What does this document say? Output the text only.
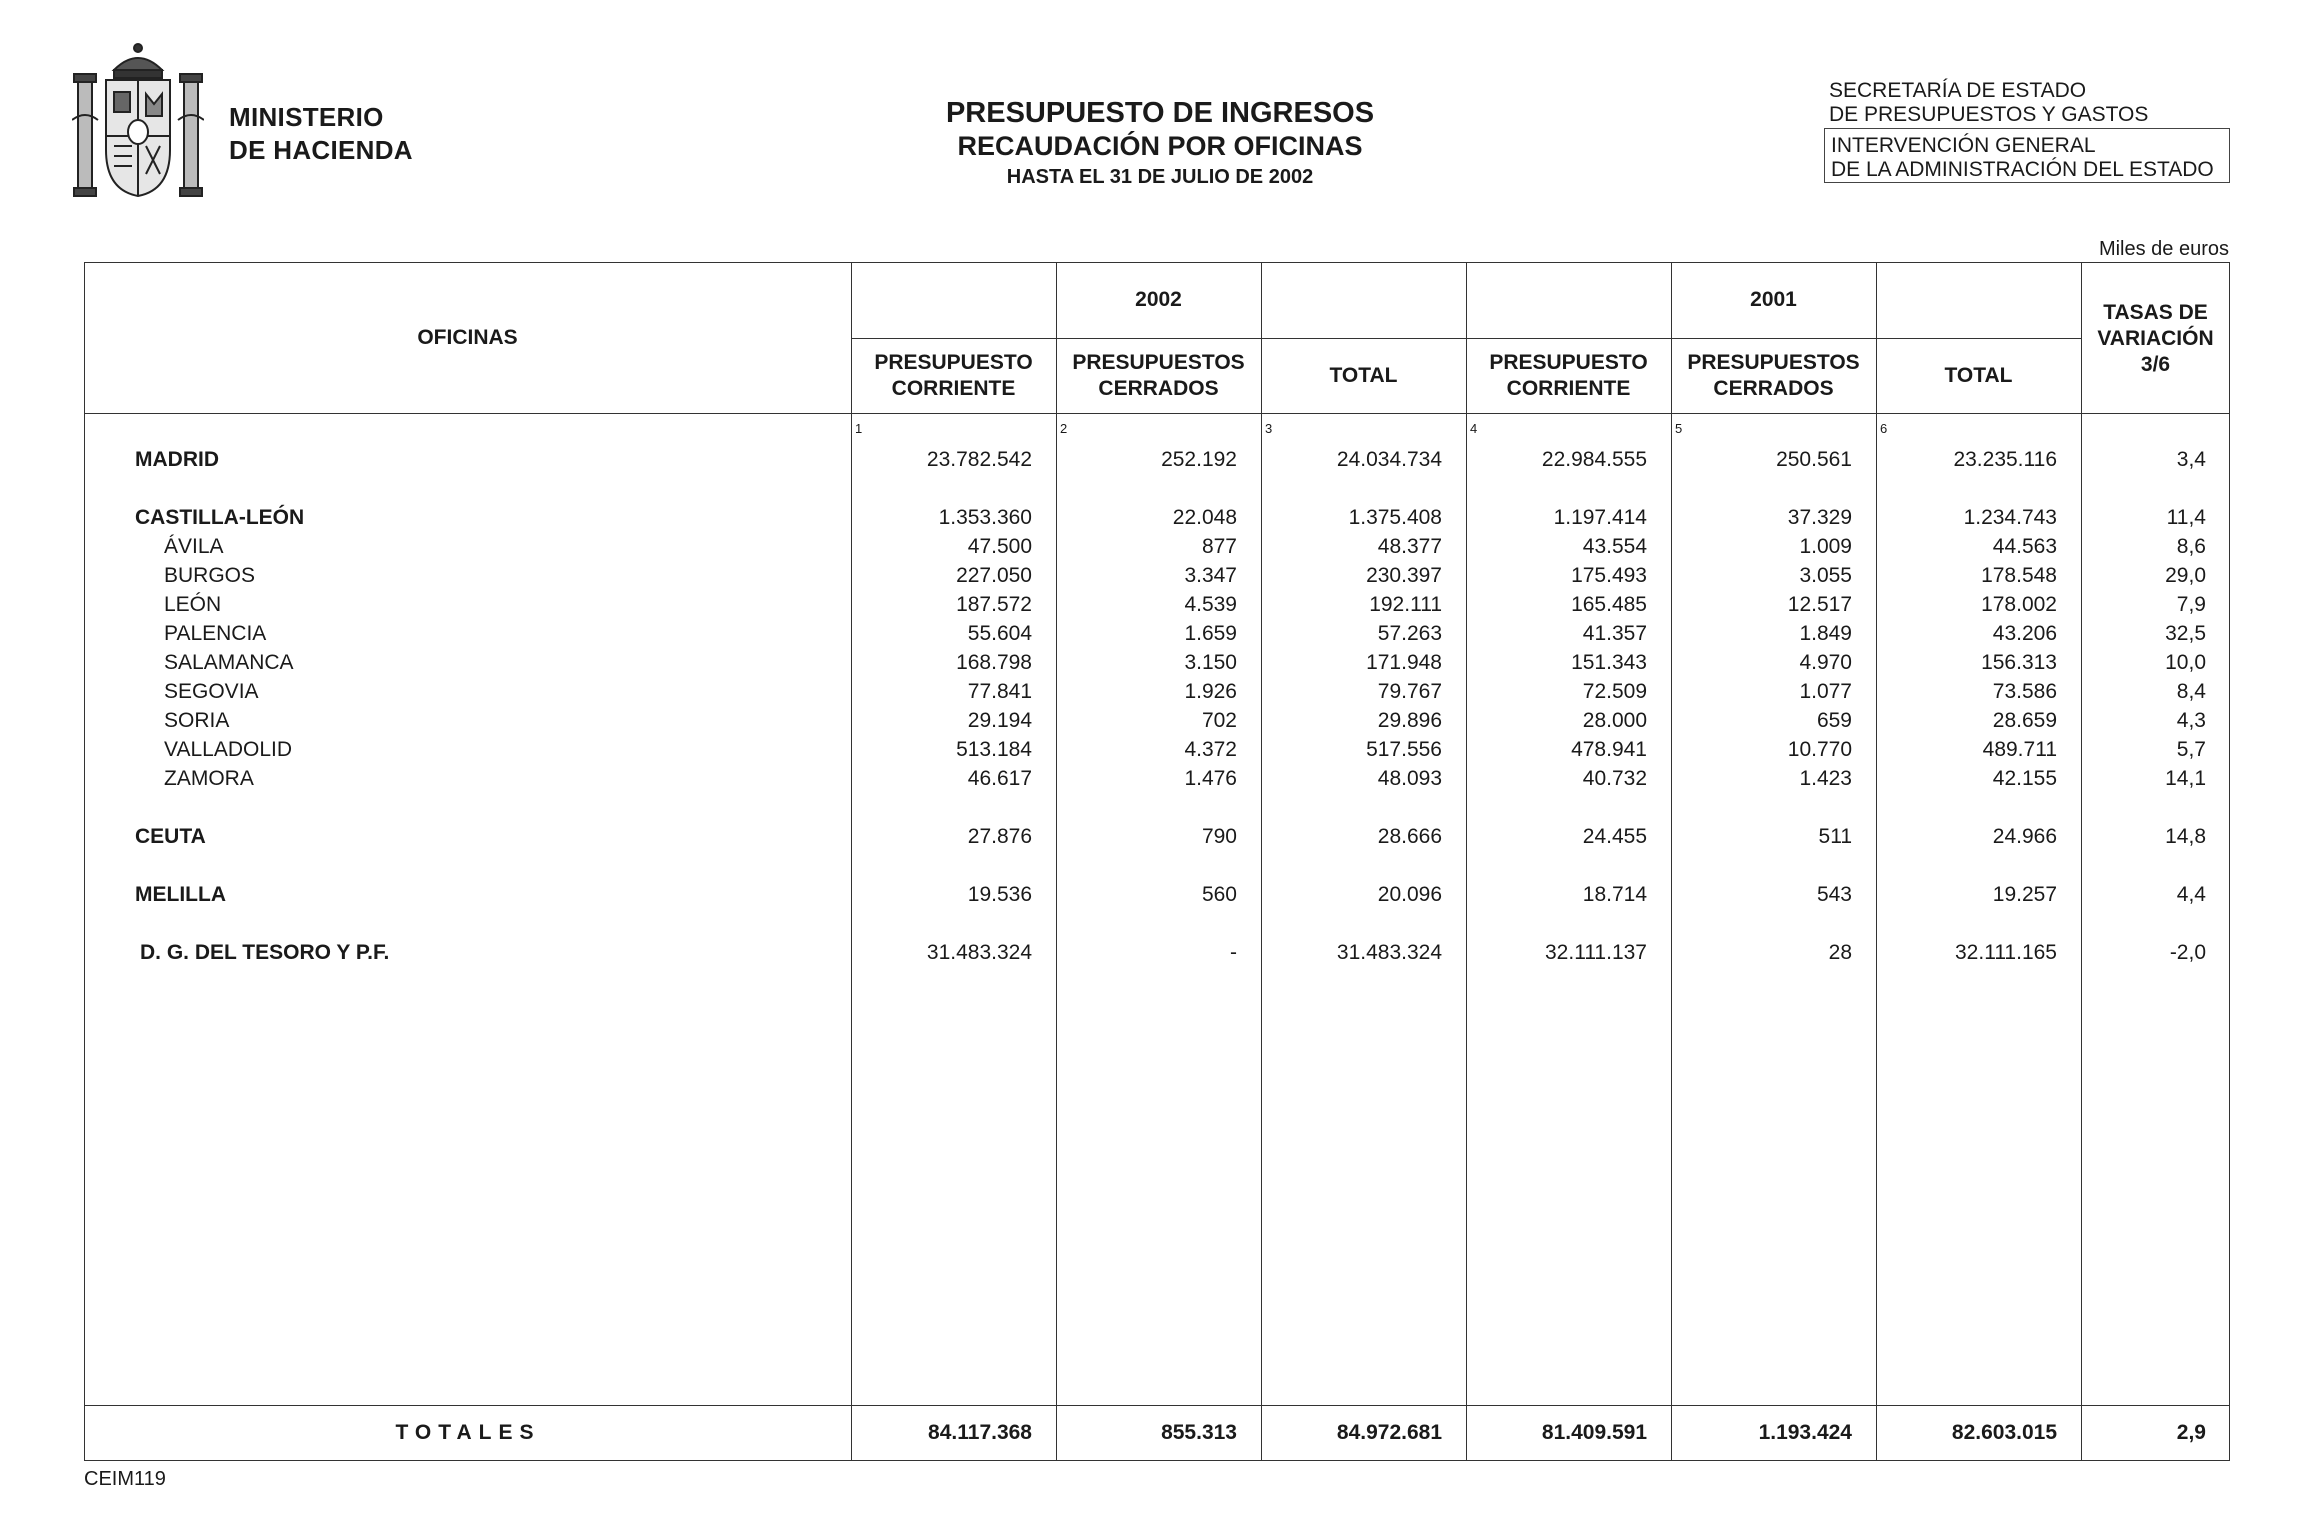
MINISTERIO
DE HACIENDA
PRESUPUESTO DE INGRESOS
RECAUDACIÓN POR OFICINAS
HASTA EL 31 DE JULIO DE 2002
SECRETARÍA DE ESTADO
DE PRESUPUESTOS Y GASTOS
INTERVENCIÓN GENERAL
DE LA ADMINISTRACIÓN DEL ESTADO
Miles de euros
OFICINAS
2002	2001
PRESUPUESTO
CORRIENTE
PRESUPUESTOS
CERRADOS
TOTAL
PRESUPUESTO
CORRIENTE
PRESUPUESTOS
CERRADOS
TOTAL
TASAS DE
VARIACIÓN
3/6
1	2	3	4	5	6
MADRID	23.782.542	252.192	24.034.734	22.984.555	250.561	23.235.116	3,4
CASTILLA-LEÓN	1.353.360	22.048	1.375.408	1.197.414	37.329	1.234.743	11,4
ÁVILA	47.500	877	48.377	43.554	1.009	44.563	8,6
BURGOS	227.050	3.347	230.397	175.493	3.055	178.548	29,0
LEÓN	187.572	4.539	192.111	165.485	12.517	178.002	7,9
PALENCIA	55.604	1.659	57.263	41.357	1.849	43.206	32,5
SALAMANCA	168.798	3.150	171.948	151.343	4.970	156.313	10,0
SEGOVIA	77.841	1.926	79.767	72.509	1.077	73.586	8,4
SORIA	29.194	702	29.896	28.000	659	28.659	4,3
VALLADOLID	513.184	4.372	517.556	478.941	10.770	489.711	5,7
ZAMORA	46.617	1.476	48.093	40.732	1.423	42.155	14,1
CEUTA	27.876	790	28.666	24.455	511	24.966	14,8
MELILLA	19.536	560	20.096	18.714	543	19.257	4,4
D. G. DEL TESORO Y P.F.	31.483.324	-	31.483.324	32.111.137	28	32.111.165	-2,0
TOTALES	84.117.368	855.313	84.972.681	81.409.591	1.193.424	82.603.015	2,9
CEIM119
